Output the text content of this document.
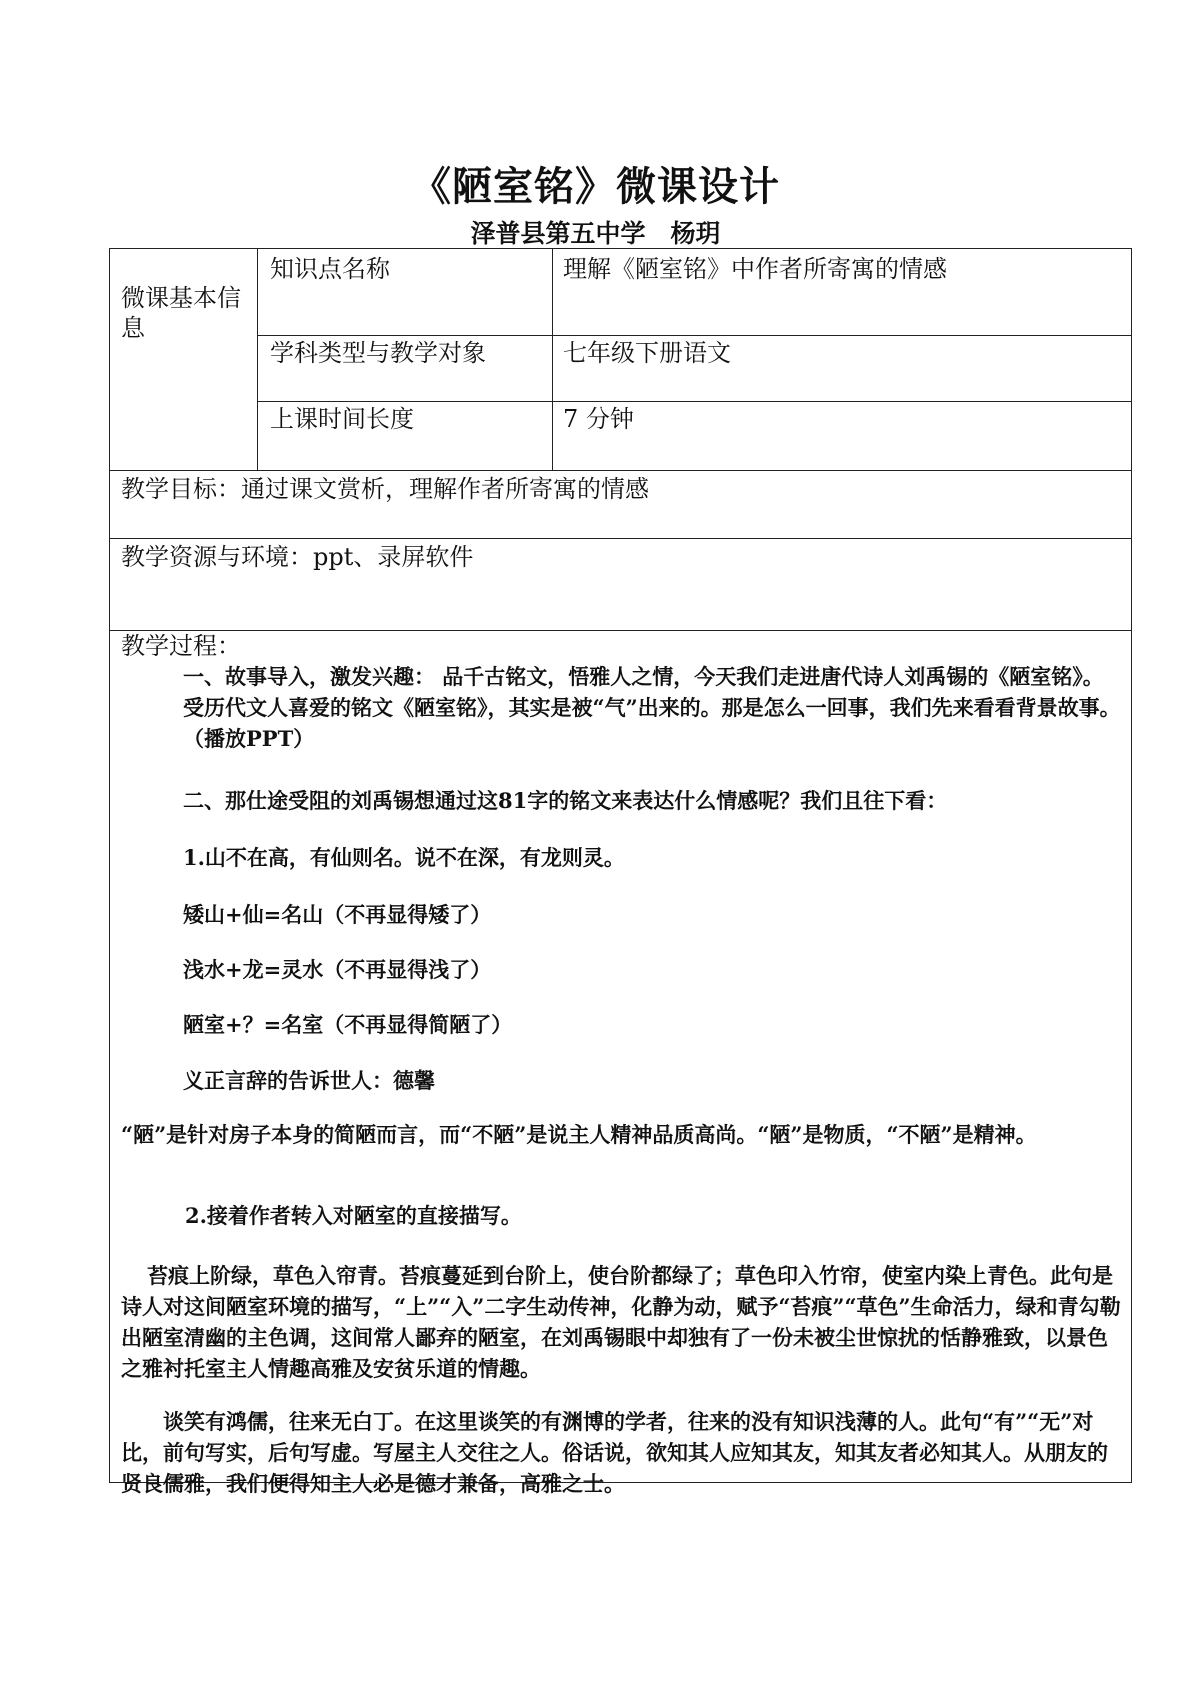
《陋室铭》微课设计
泽普县第五中学　杨玥
微课基本信息
知识点名称	理解《陋室铭》中作者所寄寓的情感
学科类型与教学对象	七年级下册语文
上课时间长度	7 分钟
教学目标：通过课文赏析，理解作者所寄寓的情感
教学资源与环境：ppt、录屏软件
教学过程：
一、故事导入，激发兴趣： 品千古铭文，悟雅人之情，今天我们走进唐代诗人刘禹锡的《陋室铭》。受历代文人喜爱的铭文《陋室铭》，其实是被“气”出来的。那是怎么一回事，我们先来看看背景故事。（播放PPT）
二、那仕途受阻的刘禹锡想通过这81字的铭文来表达什么情感呢？我们且往下看：
1.山不在高，有仙则名。说不在深，有龙则灵。
矮山+仙=名山（不再显得矮了）
浅水+龙=灵水（不再显得浅了）
陋室+？=名室（不再显得简陋了）
义正言辞的告诉世人：德馨
“陋”是针对房子本身的简陋而言，而“不陋”是说主人精神品质高尚。“陋”是物质，“不陋”是精神。
2.接着作者转入对陋室的直接描写。
苔痕上阶绿，草色入帘青。苔痕蔓延到台阶上，使台阶都绿了；草色印入竹帘，使室内染上青色。此句是诗人对这间陋室环境的描写，“上”“入”二字生动传神，化静为动，赋予“苔痕”“草色”生命活力，绿和青勾勒出陋室清幽的主色调，这间常人鄙弃的陋室，在刘禹锡眼中却独有了一份未被尘世惊扰的恬静雅致，以景色之雅衬托室主人情趣高雅及安贫乐道的情趣。
谈笑有鸿儒，往来无白丁。在这里谈笑的有渊博的学者，往来的没有知识浅薄的人。此句“有”“无”对比，前句写实，后句写虚。写屋主人交往之人。俗话说，欲知其人应知其友，知其友者必知其人。从朋友的贤良儒雅，我们便得知主人必是德才兼备，高雅之士。
